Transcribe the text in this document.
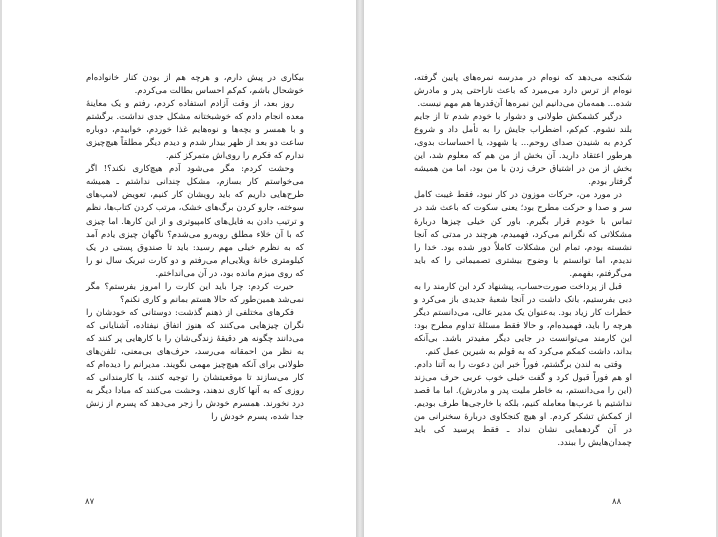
بیکاری در پیش دارم، و هرچه هم از بودن کنار خانواده‌ام خوشحال باشم، کم‌کم احساس بطالت می‌کردم.

روز بعد، از وقت آزادم استفاده کردم، رفتم و یک معاینهٔ معده انجام دادم که خوشبختانه مشکل جدی نداشت. برگشتم و با همسر و بچه‌ها و نوه‌هایم غذا خوردم، خوابیدم، دوباره ساعت دو بعد از ظهر بیدار شدم و دیدم دیگر مطلقاً هیچ‌چیزی ندارم که فکرم را روی‌اش متمرکز کنم.

وحشت کردم: مگر می‌شود آدم هیچ‌کاری نکند؟! اگر می‌خواستم کار بسازم، مشکل چندانی نداشتم ـ همیشه طرح‌هایی داریم که باید رویشان کار کنیم، تعویض لامپ‌های سوخته، جارو کردن برگ‌های خشک، مرتب کردن کتاب‌ها، نظم و ترتیب دادن به فایل‌های کامپیوتری و از این کارها. اما چیزی که با آن خلاء مطلق روبه‌رو می‌شدم؟ ناگهان چیزی یادم آمد که به نظرم خیلی مهم رسید: باید تا صندوق پستی در یک کیلومتری خانهٔ ویلایی‌ام می‌رفتم و دو کارت تبریک سال نو را که روی میزم مانده بود، در آن می‌انداختم.

حیرت کردم: چرا باید این کارت را امروز بفرستم؟ مگر نمی‌شد همین‌طور که حالا هستم بمانم و کاری نکنم؟

فکرهای مختلفی از ذهنم گذشت: دوستانی که خودشان را نگران چیزهایی می‌کنند که هنوز اتفاق نیفتاده، آشنایانی که می‌دانند چگونه هر دقیقهٔ زندگی‌شان را با کارهایی پر کنند که به نظر من احمقانه می‌رسد، حرف‌های بی‌معنی، تلفن‌های طولانی برای آنکه هیچ‌چیز مهمی نگویند. مدیرانم را دیده‌ام که کار می‌سازند تا موقعیتشان را توجیه کنند، یا کارمندانی که روزی که به آنها کاری ندهند، وحشت می‌کنند که مبادا دیگر به درد نخورند. همسرم خودش را زجر می‌دهد که پسرم از زنش جدا شده، پسرم خودش را

۸۷

شکنجه می‌دهد که نوه‌ام در مدرسه نمره‌های پایین گرفته، نوه‌ام از ترس دارد می‌میرد که باعث ناراحتی پدر و مادرش شده... همه‌مان می‌دانیم این نمره‌ها آن‌قدرها هم مهم نیست.

درگیر کشمکش طولانی و دشوار با خودم شدم تا از جایم بلند نشوم. کم‌کم، اضطراب جایش را به تأمل داد و شروع کردم به شنیدن صدای روحم... یا شهود، یا احساسات بدوی، هرطور اعتقاد دارید. آن بخش از من هم که معلوم شد، این بخش از من در اشتیاق حرف زدن با من بود، اما من همیشه گرفتار بودم.

در مورد من، حرکات موزون در کار نبود، فقط غیبت کامل سر و صدا و حرکت مطرح بود؛ یعنی سکوت که باعث شد در تماس با خودم قرار بگیرم. باور کن خیلی چیزها دربارهٔ مشکلاتی که نگرانم می‌کرد، فهمیدم، هرچند در مدتی که آنجا نشسته بودم، تمام این مشکلات کاملاً دور شده بود. خدا را ندیدم، اما توانستم با وضوح بیشتری تصمیماتی را که باید می‌گرفتم، بفهمم.

قبل از پرداخت صورت‌حساب، پیشنهاد کرد این کارمند را به دبی بفرستیم، بانک داشت در آنجا شعبهٔ جدیدی باز می‌کرد و خطرات کار زیاد بود. به‌عنوان یک مدیر عالی، می‌دانستم دیگر هرچه را باید، فهمیده‌ام، و حالا فقط مسئلهٔ تداوم مطرح بود: این کارمند می‌توانست در جایی دیگر مفیدتر باشد. بی‌آنکه بداند، داشت کمکم می‌کرد که به قولم به شیرین عمل کنم.

وقتی به لندن برگشتم، فوراً خبر این دعوت را به آتنا دادم. او هم فوراً قبول کرد و گفت خیلی خوب عربی حرف می‌زند (این را می‌دانستم، به خاطر ملیت پدر و مادرش). اما ما قصد نداشتیم با عرب‌ها معامله کنیم، بلکه با خارجی‌ها طرف بودیم. از کمکش تشکر کردم. او هیچ کنجکاوی دربارهٔ سخنرانی من در آن گردهمایی نشان نداد ـ فقط پرسید کی باید چمدان‌هایش را ببندد.

۸۸
